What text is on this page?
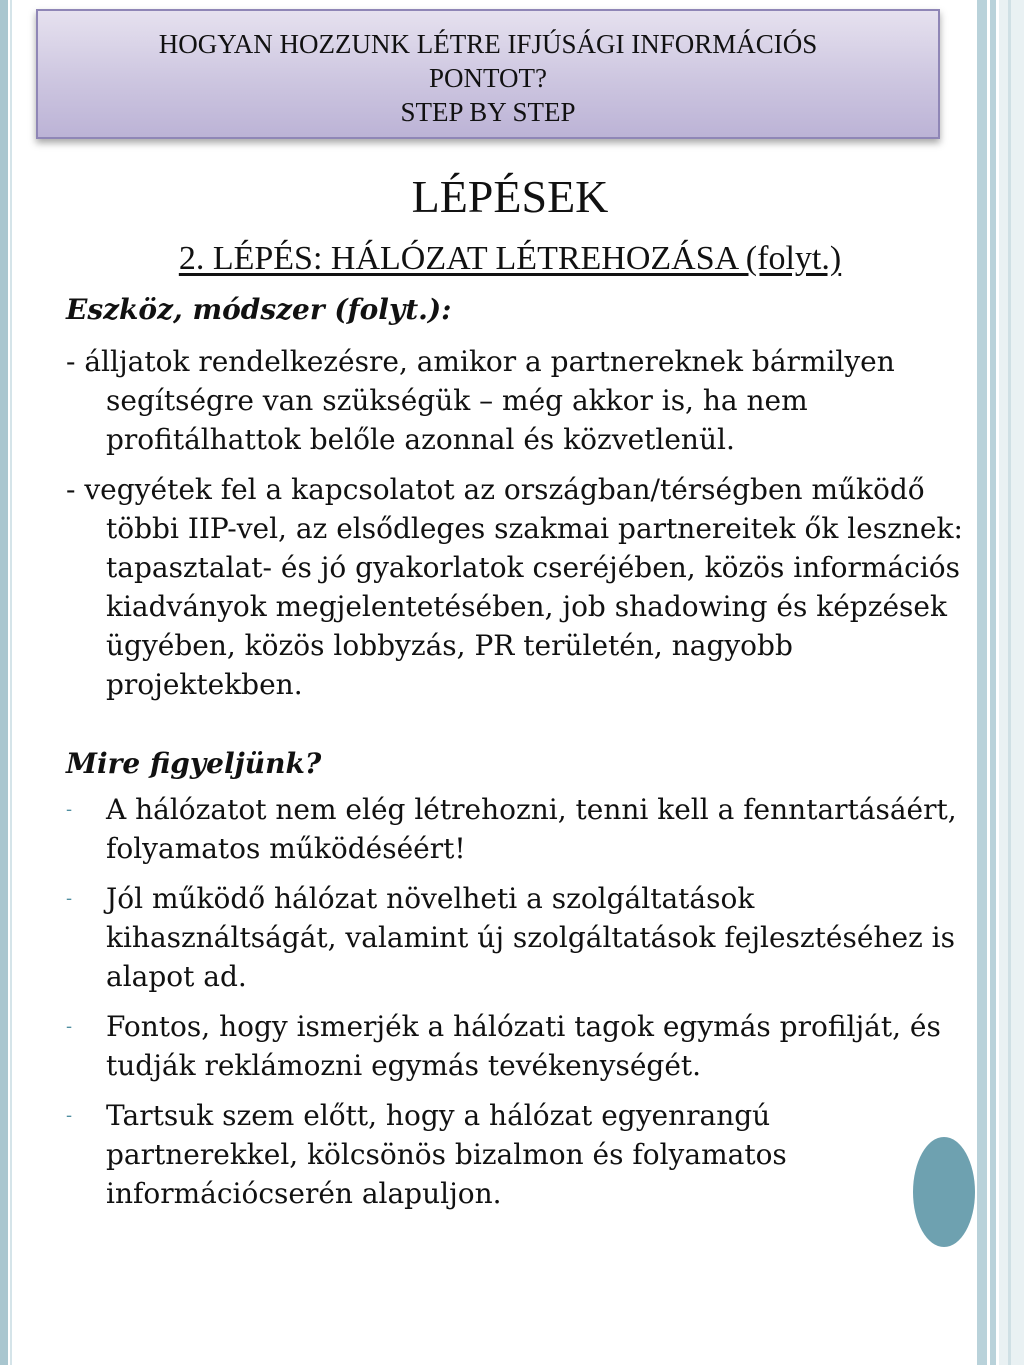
HOGYAN HOZZUNK LÉTRE IFJÚSÁGI INFORMÁCIÓS
PONTOT?
STEP BY STEP
LÉPÉSEK
2. LÉPÉS: HÁLÓZAT LÉTREHOZÁSA (folyt.)

Eszköz, módszer (folyt.):

- álljatok rendelkezésre, amikor a partnereknek bármilyen segítségre van szükségük – még akkor is, ha nem profitálhattok belőle azonnal és közvetlenül.

- vegyétek fel a kapcsolatot az országban/térségben működő többi IIP-vel, az elsődleges szakmai partnereitek ők lesznek: tapasztalat- és jó gyakorlatok cseréjében, közös információs kiadványok megjelentetésében, job shadowing és képzések ügyében, közös lobbyzás, PR területén, nagyobb projektekben.

Mire figyeljünk?

- A hálózatot nem elég létrehozni, tenni kell a fenntartásáért, folyamatos működéséért!
- Jól működő hálózat növelheti a szolgáltatások kihasználtságát, valamint új szolgáltatások fejlesztéséhez is alapot ad.
- Fontos, hogy ismerjék a hálózati tagok egymás profilját, és tudják reklámozni egymás tevékenységét.
- Tartsuk szem előtt, hogy a hálózat egyenrangú partnerekkel, kölcsönös bizalmon és folyamatos információcserén alapuljon.
